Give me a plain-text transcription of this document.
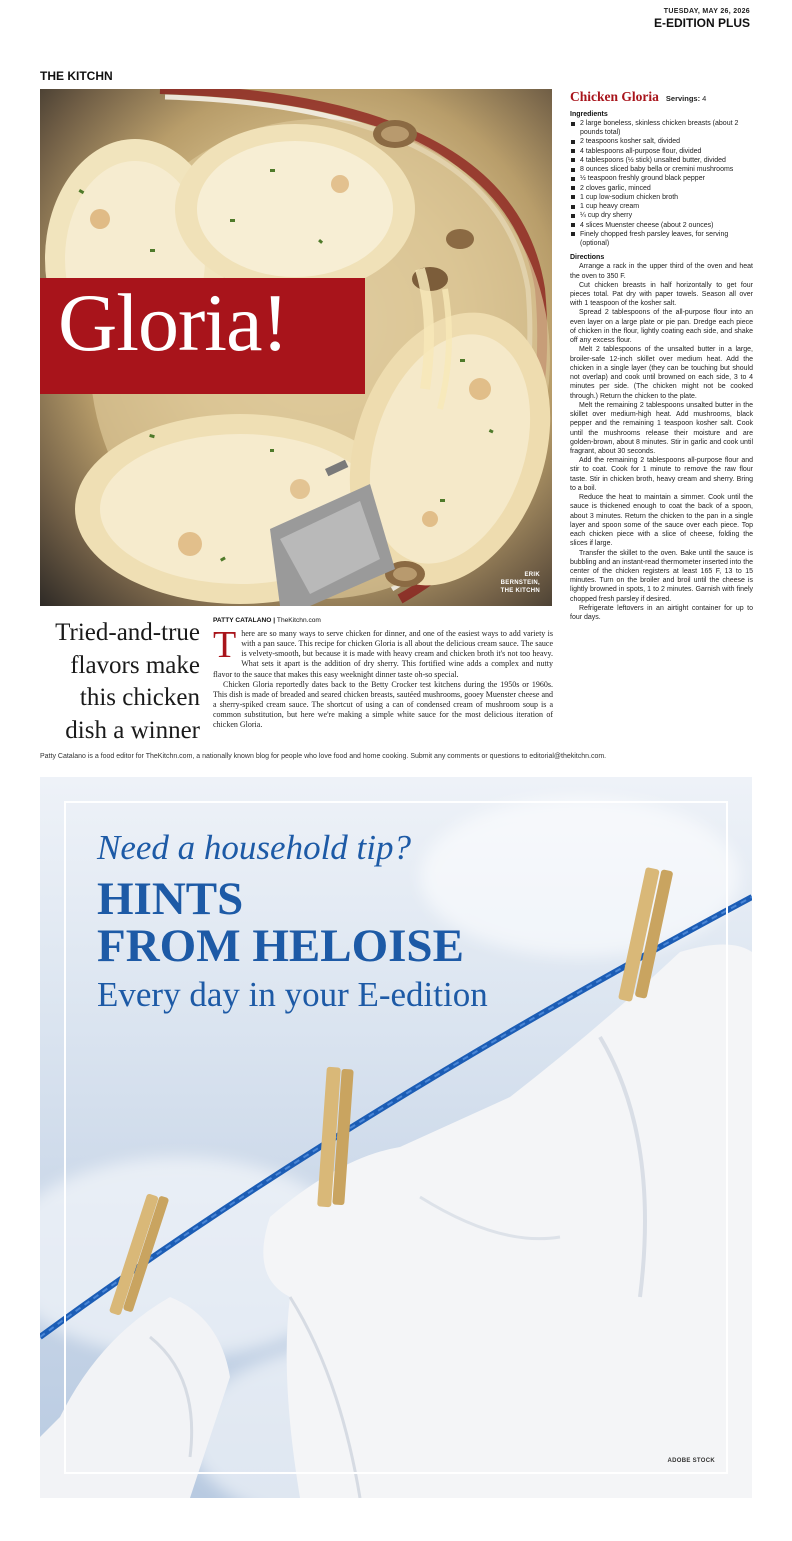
TUESDAY, MAY 26, 2026
E-EDITION PLUS
THE KITCHN
ERIK
BERNSTEIN,
THE KITCHN
Gloria!
Tried-and-true flavors make this chicken dish a winner
PATTY CATALANO | TheKitchn.com

There are so many ways to serve chicken for dinner, and one of the easiest ways to add variety is with a pan sauce. This recipe for chicken Gloria is all about the delicious cream sauce. The sauce is velvety-smooth, but because it is made with heavy cream and chicken broth it's not too heavy. What sets it apart is the addition of dry sherry. This fortified wine adds a complex and nutty flavor to the sauce that makes this easy weeknight dinner taste oh-so special.

Chicken Gloria reportedly dates back to the Betty Crocker test kitchens during the 1950s or 1960s. This dish is made of breaded and seared chicken breasts, sautéed mushrooms, gooey Muenster cheese and a sherry-spiked cream sauce. The shortcut of using a can of condensed cream of mushroom soup is a common substitution, but here we're making a simple white sauce for the most delicious iteration of chicken Gloria.

Chicken Gloria Servings: 4
Ingredients
2 large boneless, skinless chicken breasts (about 2 pounds total)
2 teaspoons kosher salt, divided
4 tablespoons all-purpose flour, divided
4 tablespoons (½ stick) unsalted butter, divided
8 ounces sliced baby bella or cremini mushrooms
½ teaspoon freshly ground black pepper
2 cloves garlic, minced
1 cup low-sodium chicken broth
1 cup heavy cream
¼ cup dry sherry
4 slices Muenster cheese (about 2 ounces)
Finely chopped fresh parsley leaves, for serving (optional)
Directions

Arrange a rack in the upper third of the oven and heat the oven to 350 F.

Cut chicken breasts in half horizontally to get four pieces total. Pat dry with paper towels. Season all over with 1 teaspoon of the kosher salt.

Spread 2 tablespoons of the all-purpose flour into an even layer on a large plate or pie pan. Dredge each piece of chicken in the flour, lightly coating each side, and shake off any excess flour.

Melt 2 tablespoons of the unsalted butter in a large, broiler-safe 12-inch skillet over medium heat. Add the chicken in a single layer (they can be touching but should not overlap) and cook until browned on each side, 3 to 4 minutes per side. (The chicken might not be cooked through.) Return the chicken to the plate.

Melt the remaining 2 tablespoons unsalted butter in the skillet over medium-high heat. Add mushrooms, black pepper and the remaining 1 teaspoon kosher salt. Cook until the mushrooms release their moisture and are golden-brown, about 8 minutes. Stir in garlic and cook until fragrant, about 30 seconds.

Add the remaining 2 tablespoons all-purpose flour and stir to coat. Cook for 1 minute to remove the raw flour taste. Stir in chicken broth, heavy cream and sherry. Bring to a boil.

Reduce the heat to maintain a simmer. Cook until the sauce is thickened enough to coat the back of a spoon, about 3 minutes. Return the chicken to the pan in a single layer and spoon some of the sauce over each piece. Top each chicken piece with a slice of cheese, folding the slices if large.

Transfer the skillet to the oven. Bake until the sauce is bubbling and an instant-read thermometer inserted into the center of the chicken registers at least 165 F, 13 to 15 minutes. Turn on the broiler and broil until the cheese is lightly browned in spots, 1 to 2 minutes. Garnish with finely chopped fresh parsley if desired.

Refrigerate leftovers in an airtight container for up to four days.

Patty Catalano is a food editor for TheKitchn.com, a nationally known blog for people who love food and home cooking. Submit any comments or questions to editorial@thekitchn.com.
Need a household tip?
HINTS
FROM HELOISE
Every day in your E-edition
ADOBE STOCK
